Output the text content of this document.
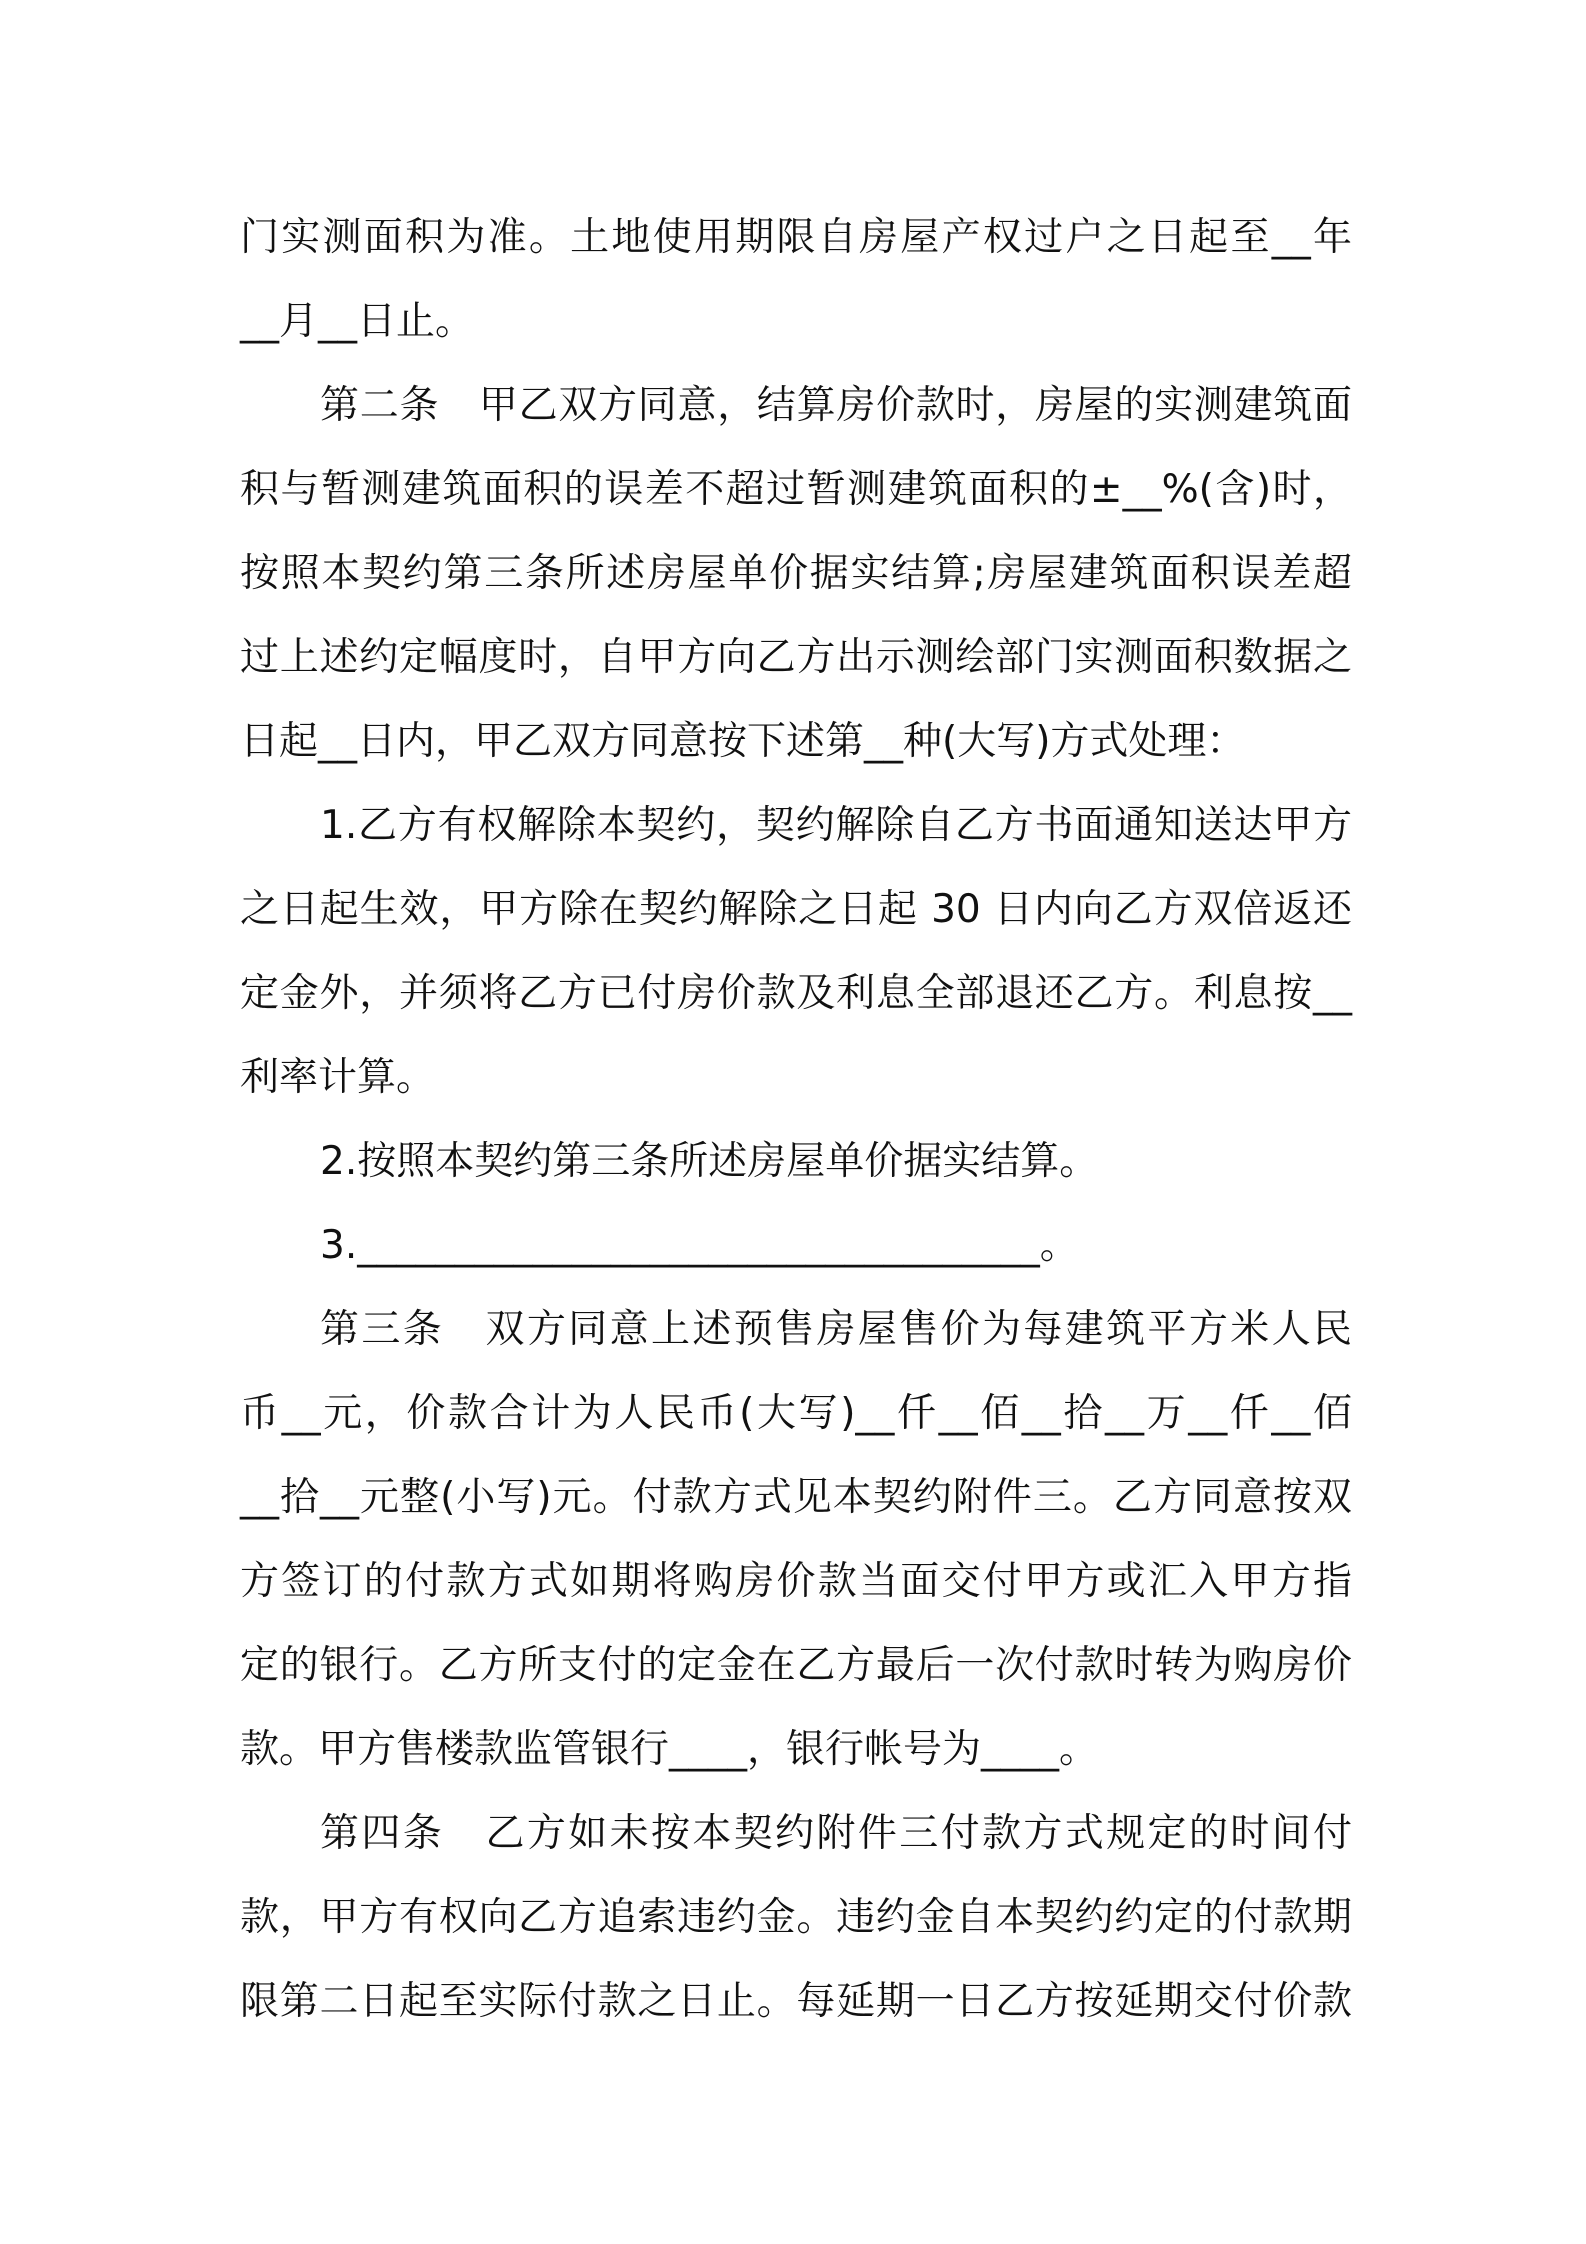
门实测面积为准。土地使用期限自房屋产权过户之日起至__年
__月__日止。
第二条　甲乙双方同意，结算房价款时，房屋的实测建筑面
积与暂测建筑面积的误差不超过暂测建筑面积的±__%(含)时，
按照本契约第三条所述房屋单价据实结算;房屋建筑面积误差超
过上述约定幅度时，自甲方向乙方出示测绘部门实测面积数据之
日起__日内，甲乙双方同意按下述第__种(大写)方式处理：
1.乙方有权解除本契约，契约解除自乙方书面通知送达甲方
之日起生效，甲方除在契约解除之日起 30 日内向乙方双倍返还
定金外，并须将乙方已付房价款及利息全部退还乙方。利息按__
利率计算。
2.按照本契约第三条所述房屋单价据实结算。
3.___________________________________。
第三条　双方同意上述预售房屋售价为每建筑平方米人民
币__元，价款合计为人民币(大写)__仟__佰__拾__万__仟__佰
__拾__元整(小写)元。付款方式见本契约附件三。乙方同意按双
方签订的付款方式如期将购房价款当面交付甲方或汇入甲方指
定的银行。乙方所支付的定金在乙方最后一次付款时转为购房价
款。甲方售楼款监管银行____，银行帐号为____。
第四条　乙方如未按本契约附件三付款方式规定的时间付
款，甲方有权向乙方追索违约金。违约金自本契约约定的付款期
限第二日起至实际付款之日止。每延期一日乙方按延期交付价款
